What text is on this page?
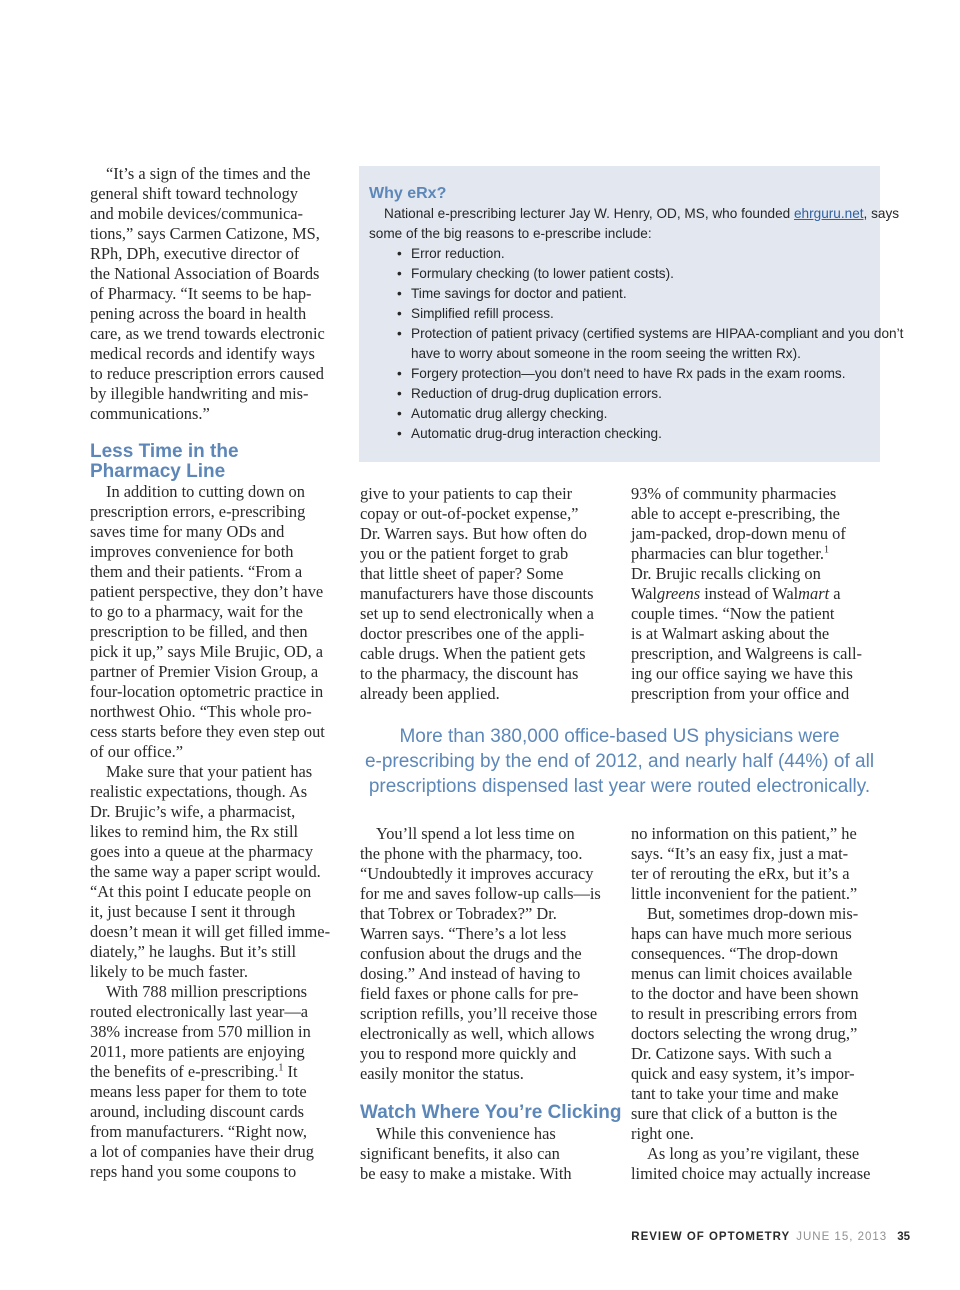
“It’s a sign of the times and the
general shift toward technology
and mobile devices/communica-
tions,” says Carmen Catizone, MS,
RPh, DPh, executive director of
the National Association of Boards
of Pharmacy. “It seems to be hap-
pening across the board in health
care, as we trend towards electronic
medical records and identify ways
to reduce prescription errors caused
by illegible handwriting and mis-
communications.”
Less Time in the
Pharmacy Line
In addition to cutting down on
prescription errors, e-prescribing
saves time for many ODs and
improves convenience for both
them and their patients. “From a
patient perspective, they don’t have
to go to a pharmacy, wait for the
prescription to be filled, and then
pick it up,” says Mile Brujic, OD, a
partner of Premier Vision Group, a
four-location optometric practice in
northwest Ohio. “This whole pro-
cess starts before they even step out
of our office.”
Make sure that your patient has
realistic expectations, though. As
Dr. Brujic’s wife, a pharmacist,
likes to remind him, the Rx still
goes into a queue at the pharmacy
the same way a paper script would.
“At this point I educate people on
it, just because I sent it through
doesn’t mean it will get filled imme-
diately,” he laughs. But it’s still
likely to be much faster.
With 788 million prescriptions
routed electronically last year—a
38% increase from 570 million in
2011, more patients are enjoying
the benefits of e-prescribing.$^1$ It
means less paper for them to tote
around, including discount cards
from manufacturers. “Right now,
a lot of companies have their drug
reps hand you some coupons to
Why eRx?
National e-prescribing lecturer Jay W. Henry, OD, MS, who founded ehrguru.net, says
some of the big reasons to e-prescribe include:
• Error reduction.
• Formulary checking (to lower patient costs).
• Time savings for doctor and patient.
• Simplified refill process.
• Protection of patient privacy (certified systems are HIPAA-compliant and you don’t
have to worry about someone in the room seeing the written Rx).
• Forgery protection—you don’t need to have Rx pads in the exam rooms.
• Reduction of drug-drug duplication errors.
• Automatic drug allergy checking.
• Automatic drug-drug interaction checking.
give to your patients to cap their
copay or out-of-pocket expense,”
Dr. Warren says. But how often do
you or the patient forget to grab
that little sheet of paper? Some
manufacturers have those discounts
set up to send electronically when a
doctor prescribes one of the appli-
cable drugs. When the patient gets
to the pharmacy, the discount has
already been applied.
93% of community pharmacies
able to accept e-prescribing, the
jam-packed, drop-down menu of
pharmacies can blur together.$^1$
Dr. Brujic recalls clicking on
Walgreens instead of Walmart a
couple times. “Now the patient
is at Walmart asking about the
prescription, and Walgreens is call-
ing our office saying we have this
prescription from your office and
More than 380,000 office-based US physicians were
e-prescribing by the end of 2012, and nearly half (44%) of all
prescriptions dispensed last year were routed electronically.
You’ll spend a lot less time on
the phone with the pharmacy, too.
“Undoubtedly it improves accuracy
for me and saves follow-up calls—is
that Tobrex or Tobradex?” Dr.
Warren says. “There’s a lot less
confusion about the drugs and the
dosing.” And instead of having to
field faxes or phone calls for pre-
scription refills, you’ll receive those
electronically as well, which allows
you to respond more quickly and
easily monitor the status.
Watch Where You’re Clicking
While this convenience has
significant benefits, it also can
be easy to make a mistake. With
no information on this patient,” he
says. “It’s an easy fix, just a mat-
ter of rerouting the eRx, but it’s a
little inconvenient for the patient.”
But, sometimes drop-down mis-
haps can have much more serious
consequences. “The drop-down
menus can limit choices available
to the doctor and have been shown
to result in prescribing errors from
doctors selecting the wrong drug,”
Dr. Catizone says. With such a
quick and easy system, it’s impor-
tant to take your time and make
sure that click of a button is the
right one.
As long as you’re vigilant, these
limited choice may actually increase
REVIEW OF OPTOMETRY JUNE 15, 2013 35
